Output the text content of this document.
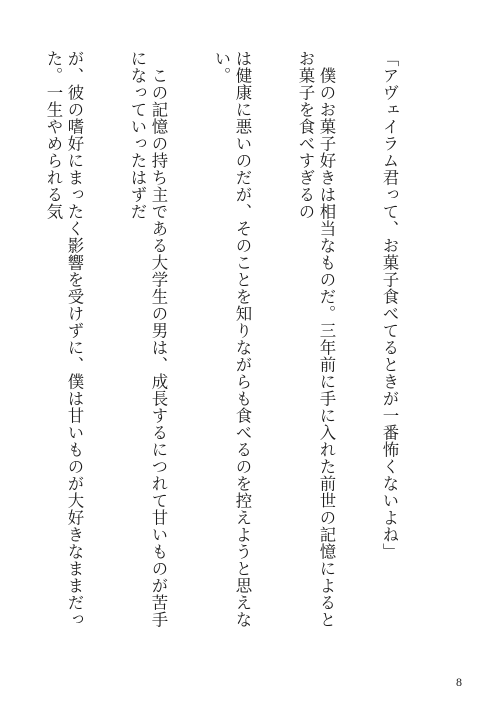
「アヴェイラム君って、お菓子食べてるときが一番怖くないよね」

　僕のお菓子好きは相当なものだ。三年前に手に入れた前世の記憶によるとお菓子を食べすぎるの

は健康に悪いのだが、そのことを知りながらも食べるのを控えようと思えない。

　この記憶の持ち主である大学生の男は、成長するにつれて甘いものが苦手になっていったはずだ

が、彼の嗜好にまったく影響を受けずに、僕は甘いものが大好きなままだった。一生やめられる気

8
